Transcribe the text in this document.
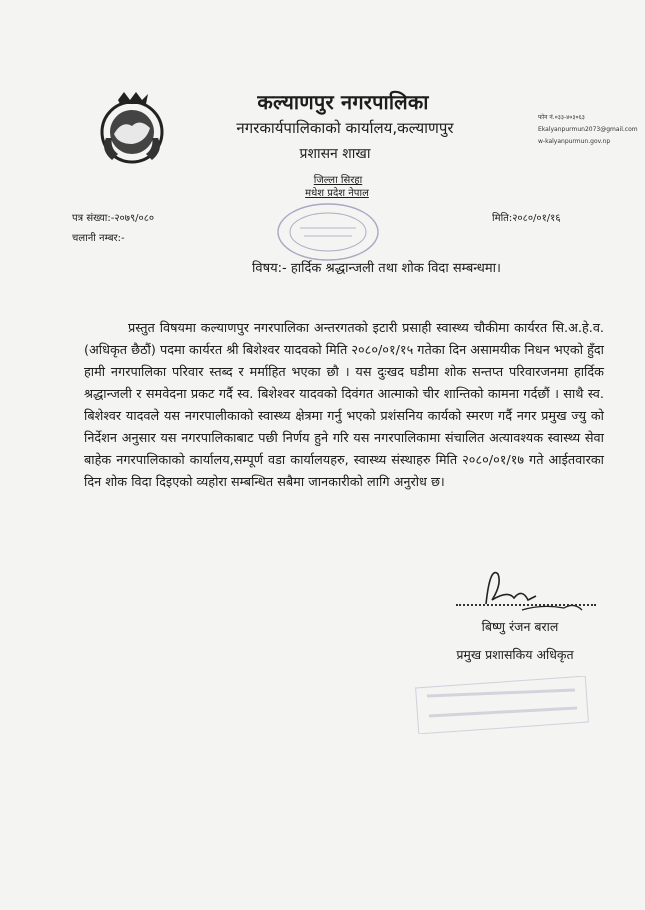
कल्याणपुर नगरपालिका
नगरकार्यपालिकाको कार्यालय,कल्याणपुर
प्रशासन शाखा
जिल्ला सिरहा
मधेश प्रदेश नेपाल
फोन नं.०३३-४०३०६३
Ekalyanpurmun2073@gmail.com
w-kalyanpurmun.gov.np
पत्र संख्या:-२०७९/०८०
चलानी नम्बर:-
मिति:२०८०/०१/१६
विषय:- हार्दिक श्रद्धान्जली तथा शोक विदा सम्बन्धमा।

प्रस्तुत विषयमा कल्याणपुर नगरपालिका अन्तरगतको इटारी प्रसाही स्वास्थ्य चौकीमा कार्यरत सि.अ.हे.व. (अधिकृत छैठौं) पदमा कार्यरत श्री बिशेश्वर यादवको मिति २०८०/०१/१५ गतेका दिन असामयीक निधन भएको हुँदा हामी नगरपालिका परिवार स्तब्द र मर्माहित भएका छौ । यस दुःखद घडीमा शोक सन्तप्त परिवारजनमा हार्दिक श्रद्धान्जली र समवेदना प्रकट गर्दै स्व. बिशेश्वर यादवको दिवंगत आत्माको चीर शान्तिको कामना गर्दछौं । साथै स्व. बिशेश्वर यादवले यस नगरपालीकाको स्वास्थ्य क्षेत्रमा गर्नु भएको प्रशंसनिय कार्यको स्मरण गर्दै नगर प्रमुख ज्यु को निर्देशन अनुसार यस नगरपालिकाबाट पछी निर्णय हुने गरि यस नगरपालिकामा संचालित अत्यावश्यक स्वास्थ्य सेवा बाहेक नगरपालिकाको कार्यालय,सम्पूर्ण वडा कार्यालयहरु, स्वास्थ्य संस्थाहरु मिति २०८०/०१/१७ गते आईतवारका दिन शोक विदा दिइएको व्यहोरा सम्बन्धित सबैमा जानकारीको लागि अनुरोध छ।

बिष्णु रंजन बराल
प्रमुख प्रशासकिय अधिकृत
